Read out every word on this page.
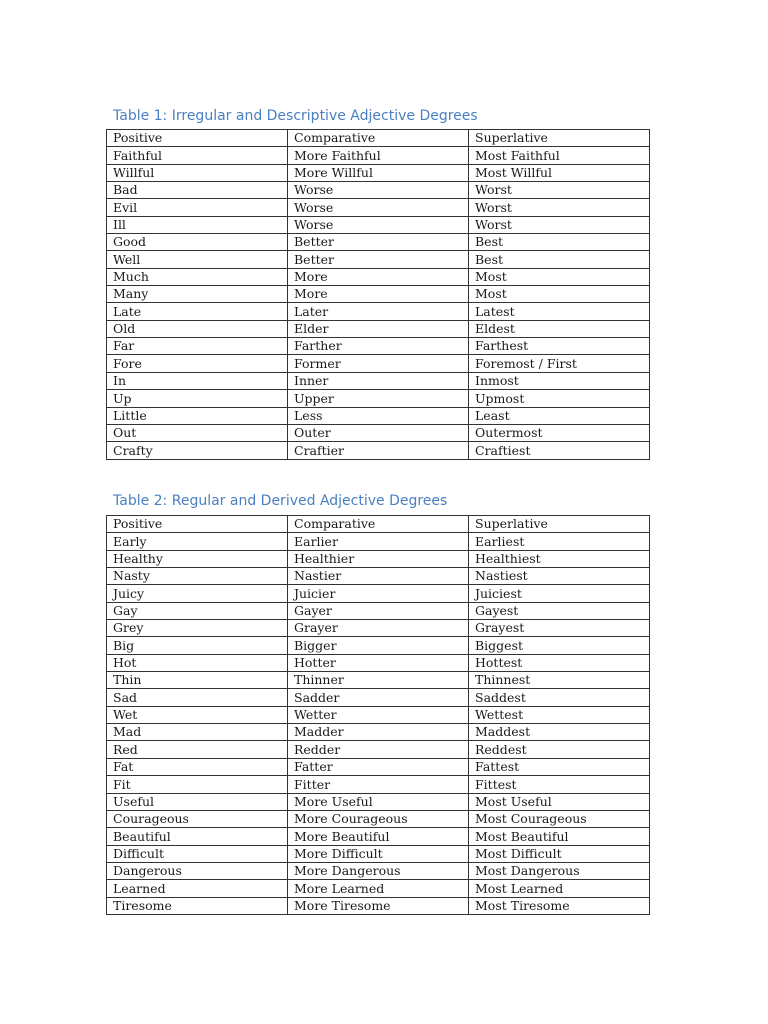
Table 1: Irregular and Descriptive Adjective Degrees
Positive	Comparative	Superlative
Faithful	More Faithful	Most Faithful
Willful	More Willful	Most Willful
Bad	Worse	Worst
Evil	Worse	Worst
Ill	Worse	Worst
Good	Better	Best
Well	Better	Best
Much	More	Most
Many	More	Most
Late	Later	Latest
Old	Elder	Eldest
Far	Farther	Farthest
Fore	Former	Foremost / First
In	Inner	Inmost
Up	Upper	Upmost
Little	Less	Least
Out	Outer	Outermost
Crafty	Craftier	Craftiest
Table 2: Regular and Derived Adjective Degrees
Positive	Comparative	Superlative
Early	Earlier	Earliest
Healthy	Healthier	Healthiest
Nasty	Nastier	Nastiest
Juicy	Juicier	Juiciest
Gay	Gayer	Gayest
Grey	Grayer	Grayest
Big	Bigger	Biggest
Hot	Hotter	Hottest
Thin	Thinner	Thinnest
Sad	Sadder	Saddest
Wet	Wetter	Wettest
Mad	Madder	Maddest
Red	Redder	Reddest
Fat	Fatter	Fattest
Fit	Fitter	Fittest
Useful	More Useful	Most Useful
Courageous	More Courageous	Most Courageous
Beautiful	More Beautiful	Most Beautiful
Difficult	More Difficult	Most Difficult
Dangerous	More Dangerous	Most Dangerous
Learned	More Learned	Most Learned
Tiresome	More Tiresome	Most Tiresome
